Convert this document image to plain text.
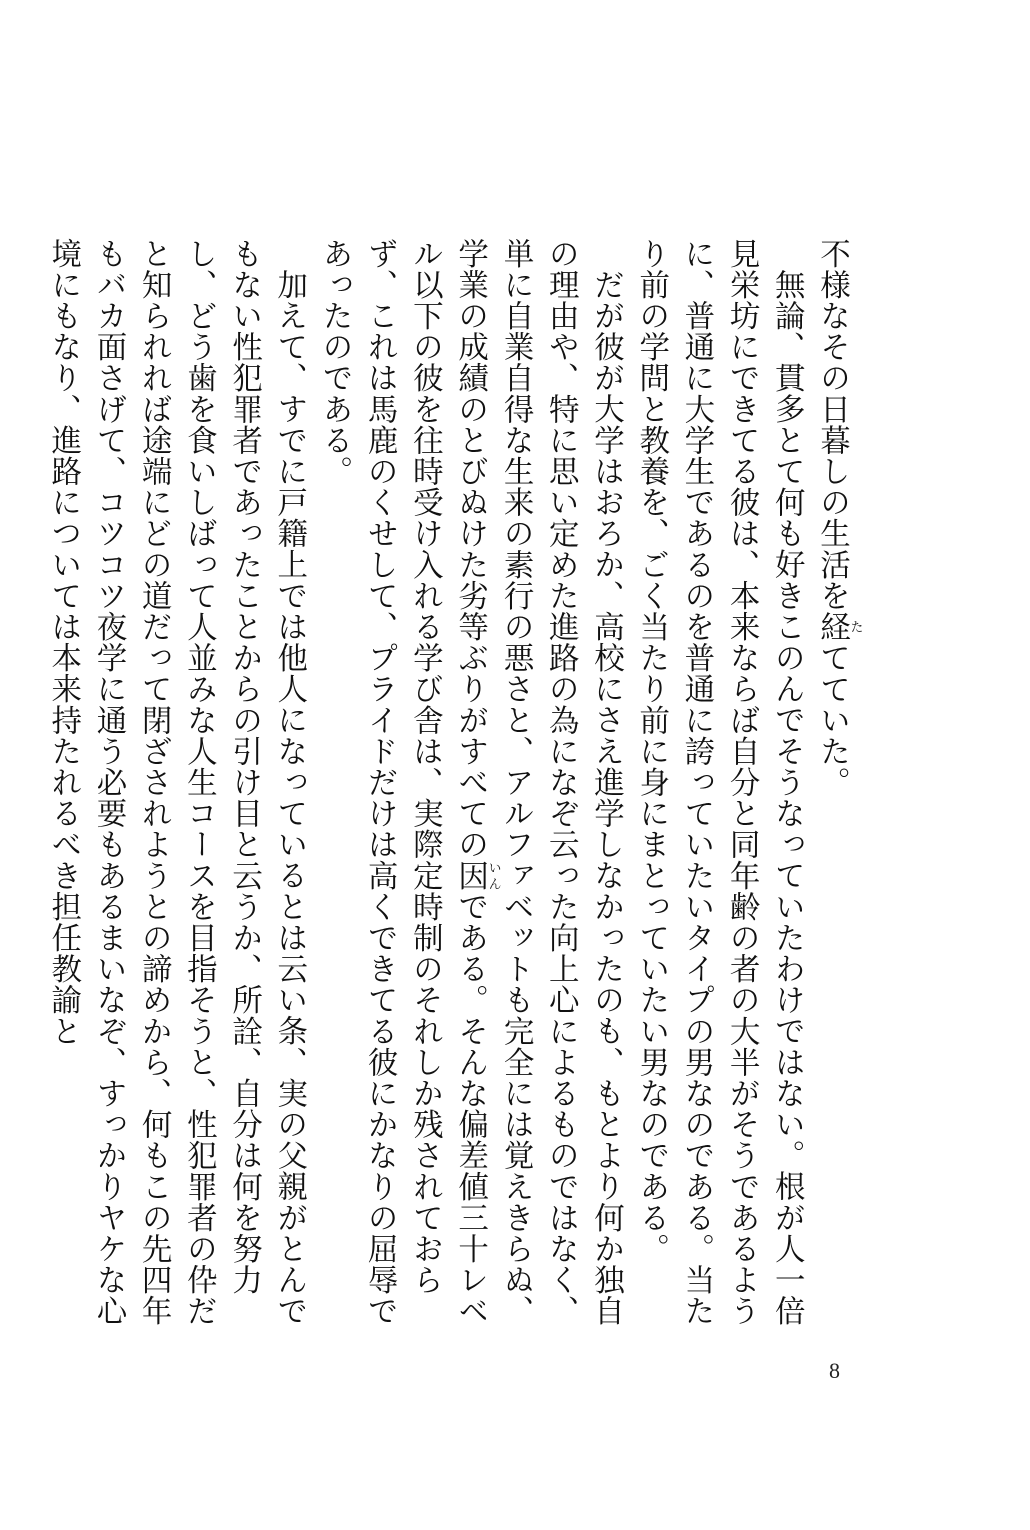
不様なその日暮しの生活を経たてていた。

無論、貫多とて何も好きこのんでそうなっていたわけではない。根が人一倍見栄坊にできてる彼は、本来ならば自分と同年齢の者の大半がそうであるように、普通に大学生であるのを普通に誇っていたいタイプの男なのである。当たり前の学問と教養を、ごく当たり前に身にまとっていたい男なのである。

だが彼が大学はおろか、高校にさえ進学しなかったのも、もとより何か独自の理由や、特に思い定めた進路の為になぞ云った向上心によるものではなく、単に自業自得な生来の素行の悪さと、アルファベットも完全には覚えきらぬ、学業の成績のとびぬけた劣等ぶりがすべての因いんである。そんな偏差値三十レベル以下の彼を往時受け入れる学び舎は、実際定時制のそれしか残されておらず、これは馬鹿のくせして、プライドだけは高くできてる彼にかなりの屈辱であったのである。

加えて、すでに戸籍上では他人になっているとは云い条、実の父親がとんでもない性犯罪者であったことからの引け目と云うか、所詮、自分は何を努力し、どう歯を食いしばって人並みな人生コースを目指そうと、性犯罪者の伜だと知られれば途端にどの道だって閉ざされようとの諦めから、何もこの先四年もバカ面さげて、コツコツ夜学に通う必要もあるまいなぞ、すっかりヤケな心境にもなり、進路については本来持たれるべき担任教諭と

8
